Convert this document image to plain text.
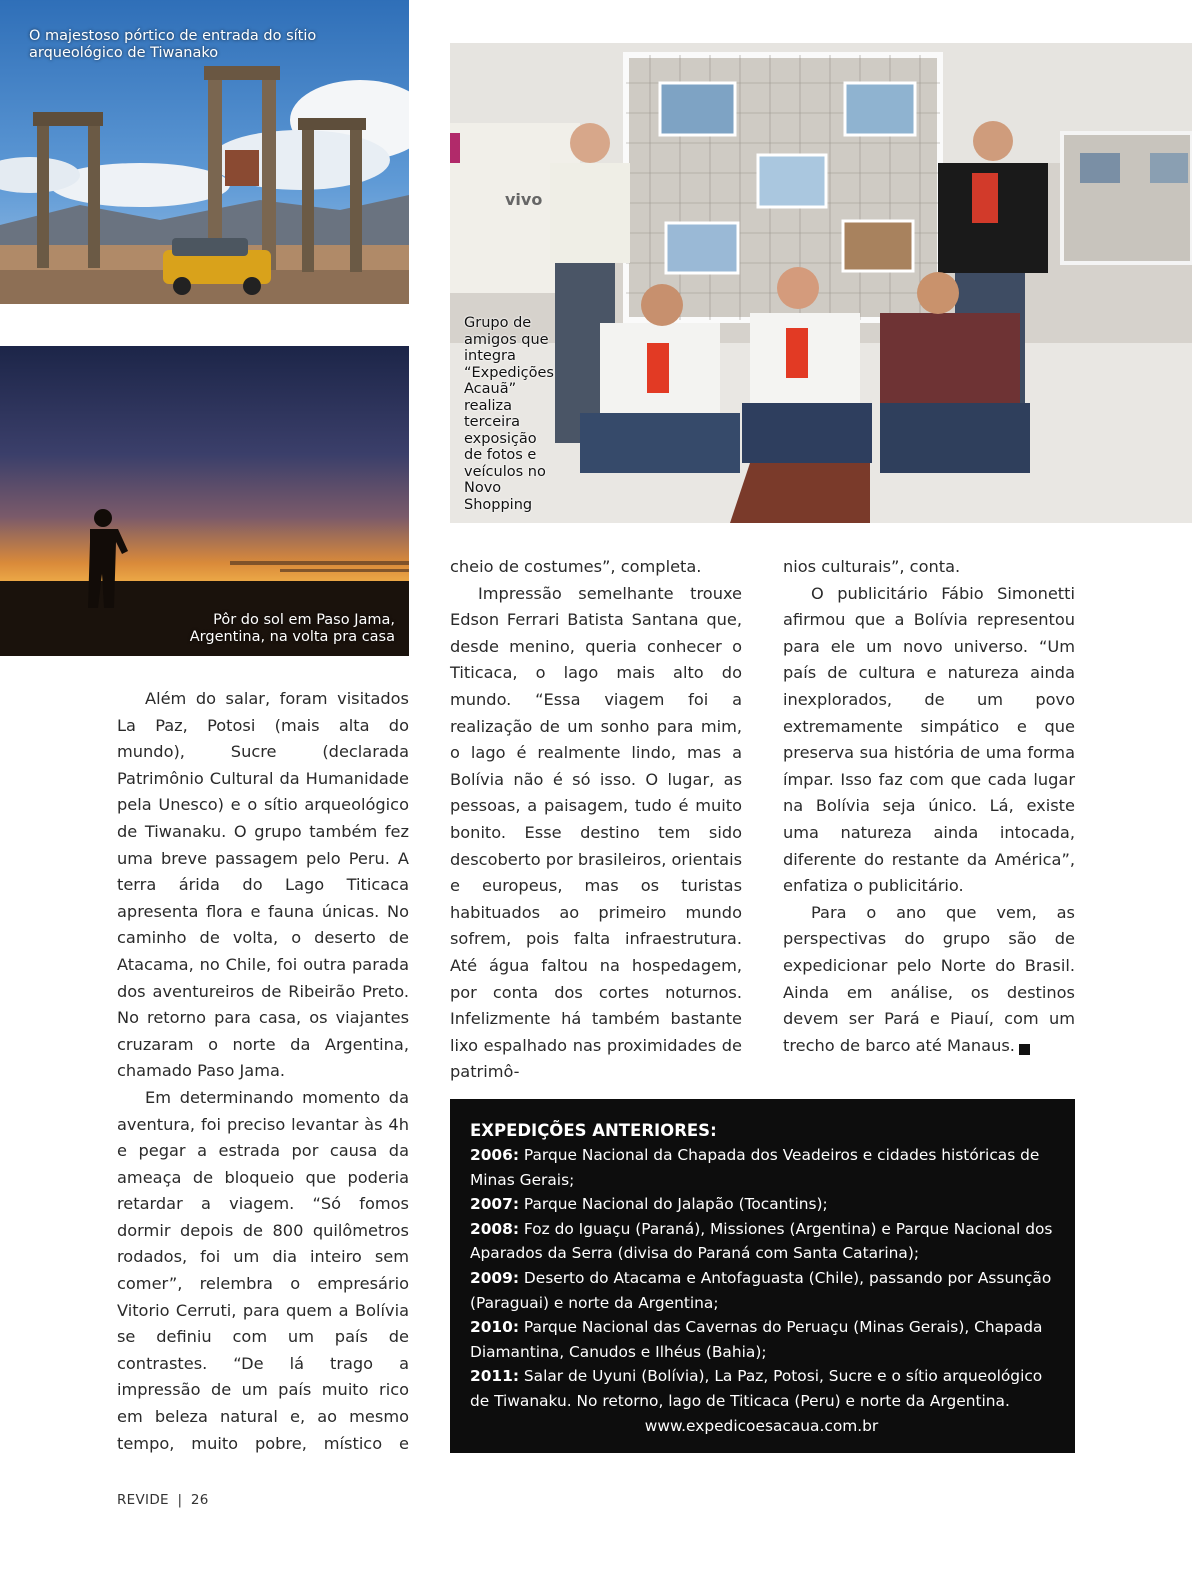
O majestoso pórtico de entrada do sítio arqueológico de Tiwanako
Pôr do sol em Paso Jama, Argentina, na volta pra casa
vivo
Grupo de amigos que integra “Expedições Acauã” realiza terceira exposição de fotos e veículos no Novo Shopping

Além do salar, foram visitados La Paz, Potosi (mais alta do mundo), Sucre (declarada Patrimônio Cultural da Humanidade pela Unesco) e o sítio arqueológico de Tiwanaku. O grupo também fez uma breve passagem pelo Peru. A terra árida do Lago Titicaca apresenta flora e fauna únicas. No caminho de volta, o deserto de Atacama, no Chile, foi outra parada dos aventureiros de Ribeirão Preto. No retorno para casa, os viajantes cruzaram o norte da Argentina, chamado Paso Jama.

Em determinando momento da aventura, foi preciso levantar às 4h e pegar a estrada por causa da ameaça de bloqueio que poderia retardar a viagem. “Só fomos dormir depois de 800 quilômetros rodados, foi um dia inteiro sem comer”, relembra o empresário Vitorio Cerruti, para quem a Bolívia se definiu com um país de contrastes. “De lá trago a impressão de um país muito rico em beleza natural e, ao mesmo tempo, muito pobre, místico e

cheio de costumes”, completa.

Impressão semelhante trouxe Edson Ferrari Batista Santana que, desde menino, queria conhecer o Titicaca, o lago mais alto do mundo. “Essa viagem foi a realização de um sonho para mim, o lago é realmente lindo, mas a Bolívia não é só isso. O lugar, as pessoas, a paisagem, tudo é muito bonito. Esse destino tem sido descoberto por brasileiros, orientais e europeus, mas os turistas habituados ao primeiro mundo sofrem, pois falta infraestrutura. Até água faltou na hospedagem, por conta dos cortes noturnos. Infelizmente há também bastante lixo espalhado nas proximidades de patrimô-

nios culturais”, conta.

O publicitário Fábio Simonetti afirmou que a Bolívia representou para ele um novo universo. “Um país de cultura e natureza ainda inexplorados, de um povo extremamente simpático e que preserva sua história de uma forma ímpar. Isso faz com que cada lugar na Bolívia seja único. Lá, existe uma natureza ainda intocada, diferente do restante da América”, enfatiza o publicitário.

Para o ano que vem, as perspectivas do grupo são de expedicionar pelo Norte do Brasil. Ainda em análise, os destinos devem ser Pará e Piauí, com um trecho de barco até Manaus.	r

EXPEDIÇÕES ANTERIORES:

2006: Parque Nacional da Chapada dos Veadeiros e cidades históricas de Minas Gerais;

2007: Parque Nacional do Jalapão (Tocantins);

2008: Foz do Iguaçu (Paraná), Missiones (Argentina) e Parque Nacional dos Aparados da Serra (divisa do Paraná com Santa Catarina);

2009: Deserto do Atacama e Antofaguasta (Chile), passando por Assunção (Paraguai) e norte da Argentina;

2010: Parque Nacional das Cavernas do Peruaçu (Minas Gerais), Chapada Diamantina, Canudos e Ilhéus (Bahia);

2011: Salar de Uyuni (Bolívia), La Paz, Potosi, Sucre e o sítio arqueológico de Tiwanaku. No retorno, lago de Titicaca (Peru) e norte da Argentina.

www.expedicoesacaua.com.br

REVIDE | 26
